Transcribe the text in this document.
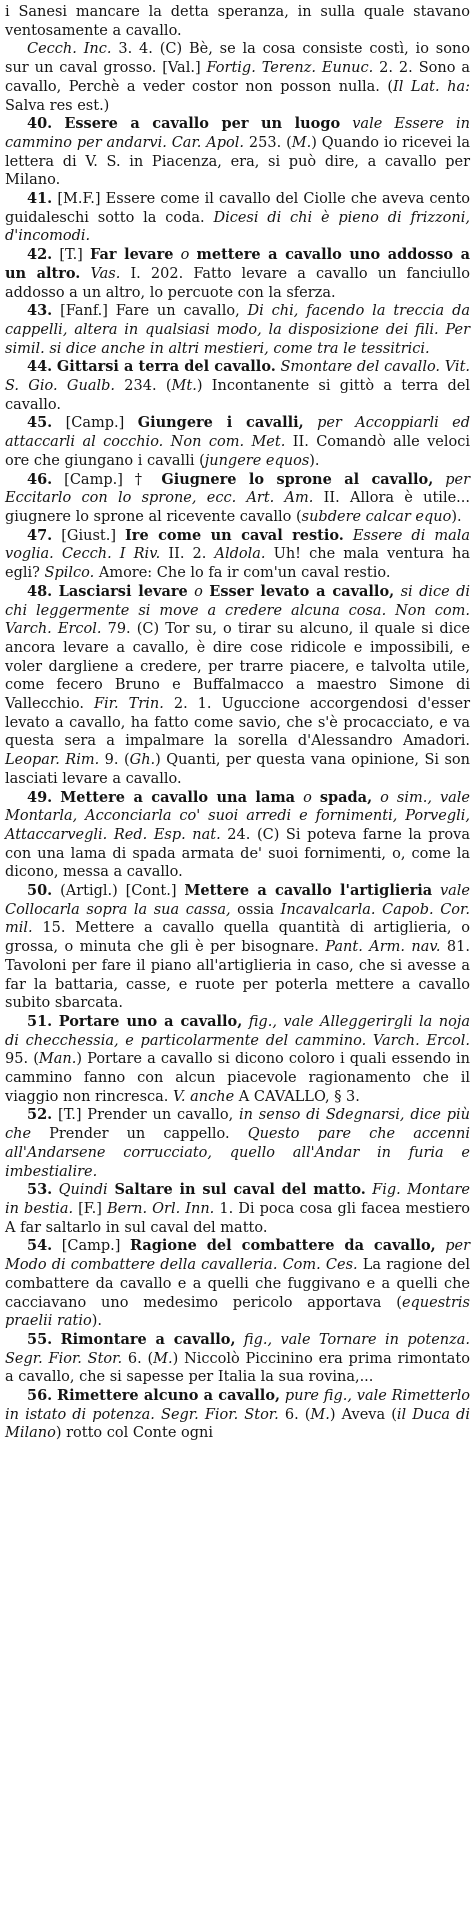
i Sanesi mancare la detta speranza, in sulla quale stavano ventosamente a cavallo.

Cecch. Inc. 3. 4. (C) Bè, se la cosa consiste costì, io sono sur un caval grosso. [Val.] Fortig. Terenz. Eunuc. 2. 2. Sono a cavallo, Perchè a veder costor non posson nulla. (Il Lat. ha: Salva res est.)

40. Essere a cavallo per un luogo vale Essere in cammino per andarvi. Car. Apol. 253. (M.) Quando io ricevei la lettera di V. S. in Piacenza, era, si può dire, a cavallo per Milano.

41. [M.F.] Essere come il cavallo del Ciolle che aveva cento guidaleschi sotto la coda. Dicesi di chi è pieno di frizzoni, d'incomodi.

42. [T.] Far levare o mettere a cavallo uno addosso a un altro. Vas. I. 202. Fatto levare a cavallo un fanciullo addosso a un altro, lo percuote con la sferza.

43. [Fanf.] Fare un cavallo, Di chi, facendo la treccia da cappelli, altera in qualsiasi modo, la disposizione dei fili. Per simil. si dice anche in altri mestieri, come tra le tessitrici.

44. Gittarsi a terra del cavallo. Smontare del cavallo. Vit. S. Gio. Gualb. 234. (Mt.) Incontanente si gittò a terra del cavallo.

45. [Camp.] Giungere i cavalli, per Accoppiarli ed attaccarli al cocchio. Non com. Met. II. Comandò alle veloci ore che giungano i cavalli (jungere equos).

46. [Camp.] † Giugnere lo sprone al cavallo, per Eccitarlo con lo sprone, ecc. Art. Am. II. Allora è utile... giugnere lo sprone al ricevente cavallo (subdere calcar equo).

47. [Giust.] Ire come un caval restio. Essere di mala voglia. Cecch. I Riv. II. 2. Aldola. Uh! che mala ventura ha egli? Spilco. Amore: Che lo fa ir com'un caval restio.

48. Lasciarsi levare o Esser levato a cavallo, si dice di chi leggermente si move a credere alcuna cosa. Non com. Varch. Ercol. 79. (C) Tor su, o tirar su alcuno, il quale si dice ancora levare a cavallo, è dire cose ridicole e impossibili, e voler dargliene a credere, per trarre piacere, e talvolta utile, come fecero Bruno e Buffalmacco a maestro Simone di Vallecchio. Fir. Trin. 2. 1. Uguccione accorgendosi d'esser levato a cavallo, ha fatto come savio, che s'è procacciato, e va questa sera a impalmare la sorella d'Alessandro Amadori. Leopar. Rim. 9. (Gh.) Quanti, per questa vana opinione, Si son lasciati levare a cavallo.

49. Mettere a cavallo una lama o spada, o sim., vale Montarla, Acconciarla co' suoi arredi e fornimenti, Porvegli, Attaccarvegli. Red. Esp. nat. 24. (C) Si poteva farne la prova con una lama di spada armata de' suoi fornimenti, o, come la dicono, messa a cavallo.

50. (Artigl.) [Cont.] Mettere a cavallo l'artiglieria vale Collocarla sopra la sua cassa, ossia Incavalcarla. Capob. Cor. mil. 15. Mettere a cavallo quella quantità di artiglieria, o grossa, o minuta che gli è per bisognare. Pant. Arm. nav. 81. Tavoloni per fare il piano all'artiglieria in caso, che si avesse a far la battaria, casse, e ruote per poterla mettere a cavallo subito sbarcata.

51. Portare uno a cavallo, fig., vale Alleggerirgli la noja di checchessia, e particolarmente del cammino. Varch. Ercol. 95. (Man.) Portare a cavallo si dicono coloro i quali essendo in cammino fanno con alcun piacevole ragionamento che il viaggio non rincresca. V. anche A CAVALLO, § 3.

52. [T.] Prender un cavallo, in senso di Sdegnarsi, dice più che Prender un cappello. Questo pare che accenni all'Andarsene corrucciato, quello all'Andar in furia e imbestialire.

53. Quindi Saltare in sul caval del matto. Fig. Montare in bestia. [F.] Bern. Orl. Inn. 1. Di poca cosa gli facea mestiero A far saltarlo in sul caval del matto.

54. [Camp.] Ragione del combattere da cavallo, per Modo di combattere della cavalleria. Com. Ces. La ragione del combattere da cavallo e a quelli che fuggivano e a quelli che cacciavano uno medesimo pericolo apportava (equestris praelii ratio).

55. Rimontare a cavallo, fig., vale Tornare in potenza. Segr. Fior. Stor. 6. (M.) Niccolò Piccinino era prima rimontato a cavallo, che si sapesse per Italia la sua rovina,...

56. Rimettere alcuno a cavallo, pure fig., vale Rimetterlo in istato di potenza. Segr. Fior. Stor. 6. (M.) Aveva (il Duca di Milano) rotto col Conte ogni
